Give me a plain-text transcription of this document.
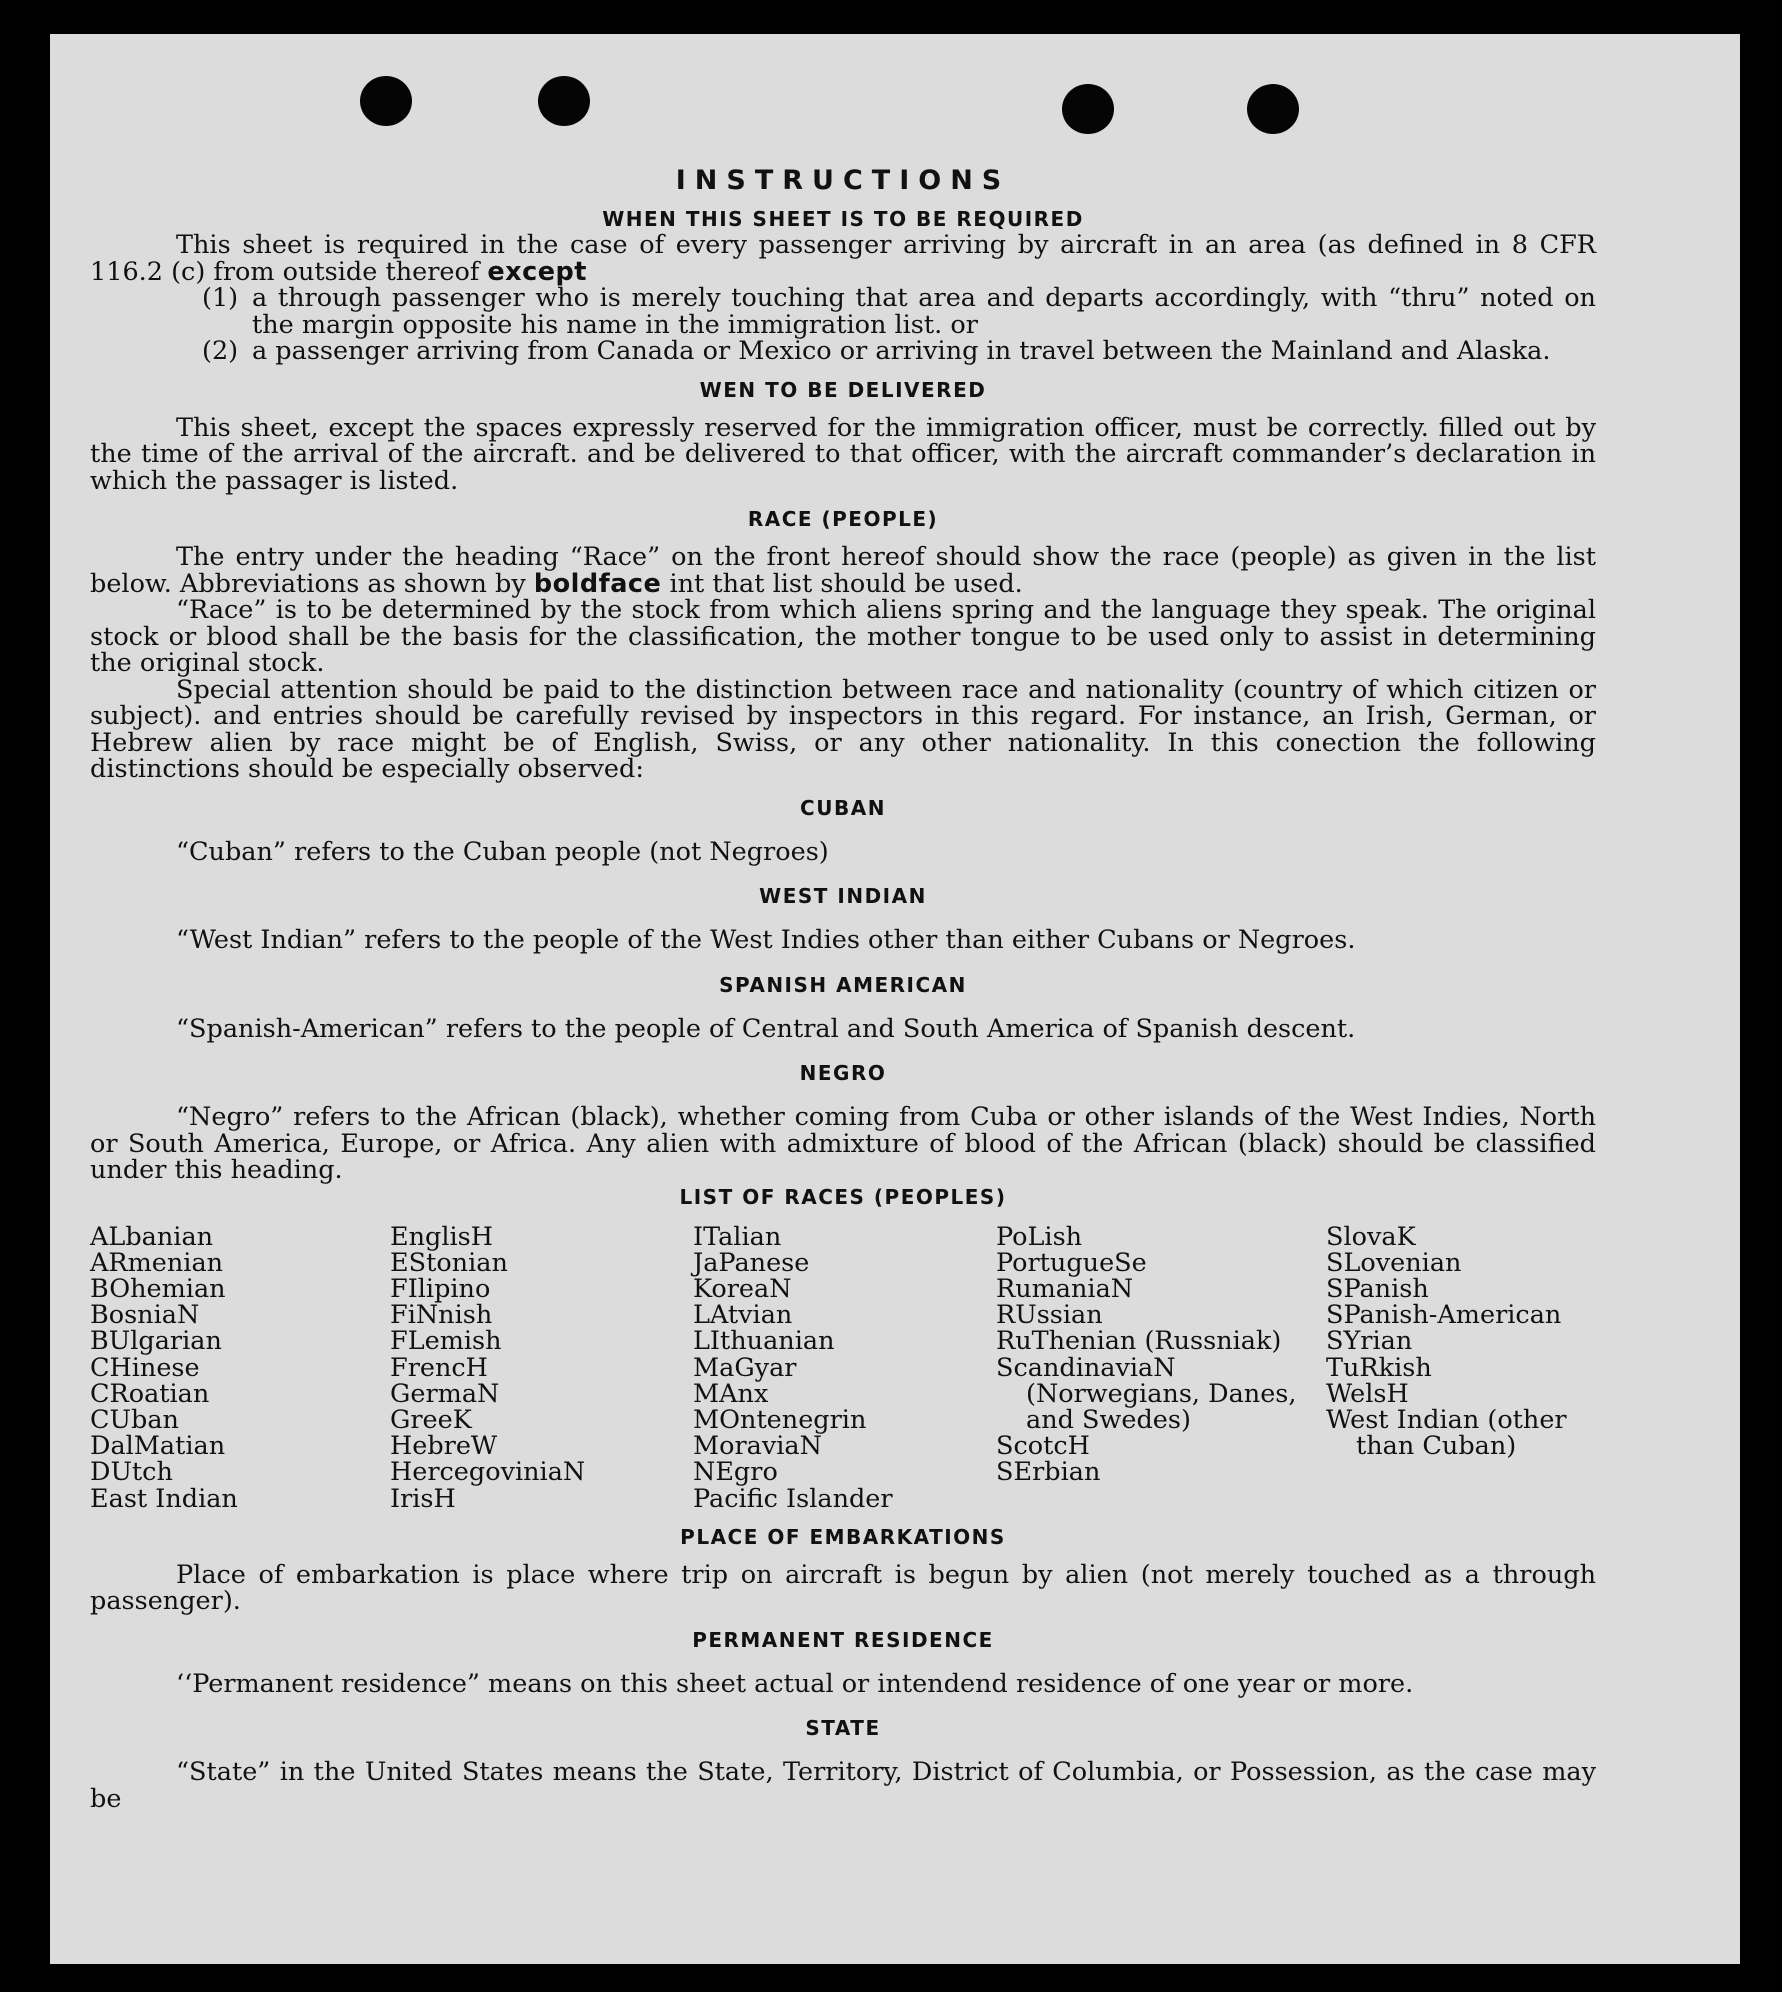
INSTRUCTIONS
WHEN THIS SHEET IS TO BE REQUIRED

This sheet is required in the case of every passenger arriving by aircraft in an area (as defined in 8 CFR 116.2 (c) from outside thereof except

(1) a through passenger who is merely touching that area and departs accordingly, with “thru” noted on the margin opposite his name in the immigration list. or
(2) a passenger arriving from Canada or Mexico or arriving in travel between the Mainland and Alaska.
WEN TO BE DELIVERED

This sheet, except the spaces expressly reserved for the immigration officer, must be correctly. filled out by the time of the arrival of the aircraft. and be delivered to that officer, with the aircraft commander’s declaration in which the passager is listed.

RACE (PEOPLE)

The entry under the heading “Race” on the front hereof should show the race (people) as given in the list below. Abbreviations as shown by boldface int that list should be used.

“Race” is to be determined by the stock from which aliens spring and the language they speak. The original stock or blood shall be the basis for the classification, the mother tongue to be used only to assist in determining the original stock.

Special attention should be paid to the distinction between race and nationality (country of which citizen or subject). and entries should be carefully revised by inspectors in this regard. For instance, an Irish, German, or Hebrew alien by race might be of English, Swiss, or any other nationality. In this conection the following distinctions should be especially observed:

CUBAN

“Cuban” refers to the Cuban people (not Negroes)

WEST INDIAN

“West Indian” refers to the people of the West Indies other than either Cubans or Negroes.

SPANISH AMERICAN

“Spanish-American” refers to the people of Central and South America of Spanish descent.

NEGRO

“Negro” refers to the African (black), whether coming from Cuba or other islands of the West Indies, North or South America, Europe, or Africa. Any alien with admixture of blood of the African (black) should be classified under this heading.

LIST OF RACES (PEOPLES)
ALbanian
ARmenian
BOhemian
BosniaN
BUlgarian
CHinese
CRoatian
CUban
DalMatian
DUtch
East Indian
EnglisH
EStonian
FIlipino
FiNnish
FLemish
FrencH
GermaN
GreeK
HebreW
HercegoviniaN
IrisH
ITalian
JaPanese
KoreaN
LAtvian
LIthuanian
MaGyar
MAnx
MOntenegrin
MoraviaN
NEgro
Pacific Islander
PoLish
PortugueSe
RumaniaN
RUssian
RuThenian (Russniak)
ScandinaviaN (Norwegians, Danes, and Swedes)
ScotcH
SErbian
SlovaK
SLovenian
SPanish
SPanish-American
SYrian
TuRkish
WelsH
West Indian (other than Cuban)
PLACE OF EMBARKATIONS

Place of embarkation is place where trip on aircraft is begun by alien (not merely touched as a through passenger).

PERMANENT RESIDENCE

‘‘Permanent residence” means on this sheet actual or intendend residence of one year or more.

STATE

“State” in the United States means the State, Territory, District of Columbia, or Possession, as the case may be
